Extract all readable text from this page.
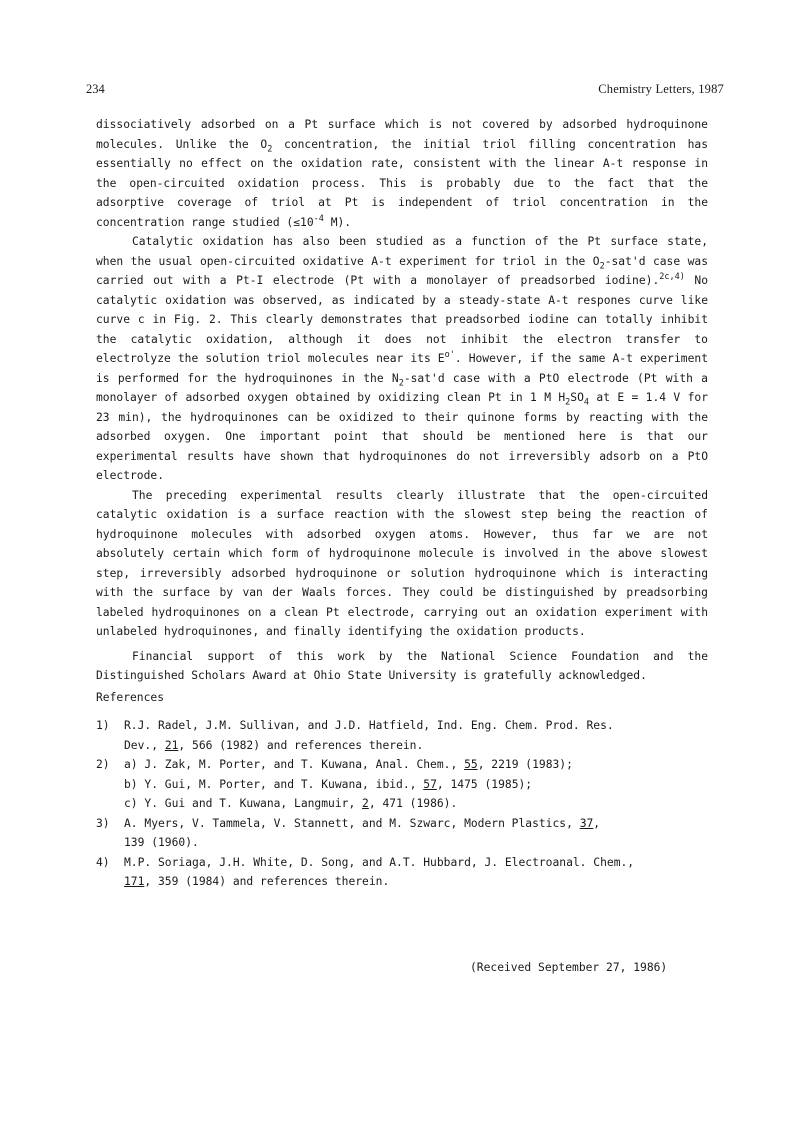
234	Chemistry Letters, 1987

dissociatively adsorbed on a Pt surface which is not covered by adsorbed hydroquinone molecules. Unlike the $O_2$ concentration, the initial triol filling concentration has essentially no effect on the oxidation rate, consistent with the linear A-t response in the open-circuited oxidation process. This is probably due to the fact that the adsorptive coverage of triol at Pt is independent of triol concentration in the concentration range studied ($\le 10^{-4}$ M).

Catalytic oxidation has also been studied as a function of the Pt surface state, when the usual open-circuited oxidative A-t experiment for triol in the $O_2-sat'd$ case was carried out with a Pt-I electrode (Pt with a monolayer of preadsorbed iodine).$^{2c,4)}$ No catalytic oxidation was observed, as indicated by a steady-state A-t respones curve like curve c in Fig. 2. This clearly demonstrates that preadsorbed iodine can totally inhibit the catalytic oxidation, although it does not inhibit the electron transfer to electrolyze the solution triol molecules near its $E^{o'}$. However, if the same A-t experiment is performed for the hydroquinones in the $N_2-sat'd$ case with a PtO electrode (Pt with a monolayer of adsorbed oxygen obtained by oxidizing clean Pt in 1 M $H_2SO_4$ at E = 1.4 V for 23 min), the hydroquinones can be oxidized to their quinone forms by reacting with the adsorbed oxygen. One important point that should be mentioned here is that our experimental results have shown that hydroquinones do not irreversibly adsorb on a PtO electrode.

The preceding experimental results clearly illustrate that the open-circuited catalytic oxidation is a surface reaction with the slowest step being the reaction of hydroquinone molecules with adsorbed oxygen atoms. However, thus far we are not absolutely certain which form of hydroquinone molecule is involved in the above slowest step, irreversibly adsorbed hydroquinone or solution hydroquinone which is interacting with the surface by van der Waals forces. They could be distinguished by preadsorbing labeled hydroquinones on a clean Pt electrode, carrying out an oxidation experiment with unlabeled hydroquinones, and finally identifying the oxidation products.

Financial support of this work by the National Science Foundation and the Distinguished Scholars Award at Ohio State University is gratefully acknowledged.

References

1) R.J. Radel, J.M. Sullivan, and J.D. Hatfield, Ind. Eng. Chem. Prod. Res.
Dev., 21, 566 (1982) and references therein.
2) a) J. Zak, M. Porter, and T. Kuwana, Anal. Chem., 55, 2219 (1983);
b) Y. Gui, M. Porter, and T. Kuwana, ibid., 57, 1475 (1985);
c) Y. Gui and T. Kuwana, Langmuir, 2, 471 (1986).
3) A. Myers, V. Tammela, V. Stannett, and M. Szwarc, Modern Plastics, 37,
139 (1960).
4) M.P. Soriaga, J.H. White, D. Song, and A.T. Hubbard, J. Electroanal. Chem.,
171, 359 (1984) and references therein.
(Received September 27, 1986)
